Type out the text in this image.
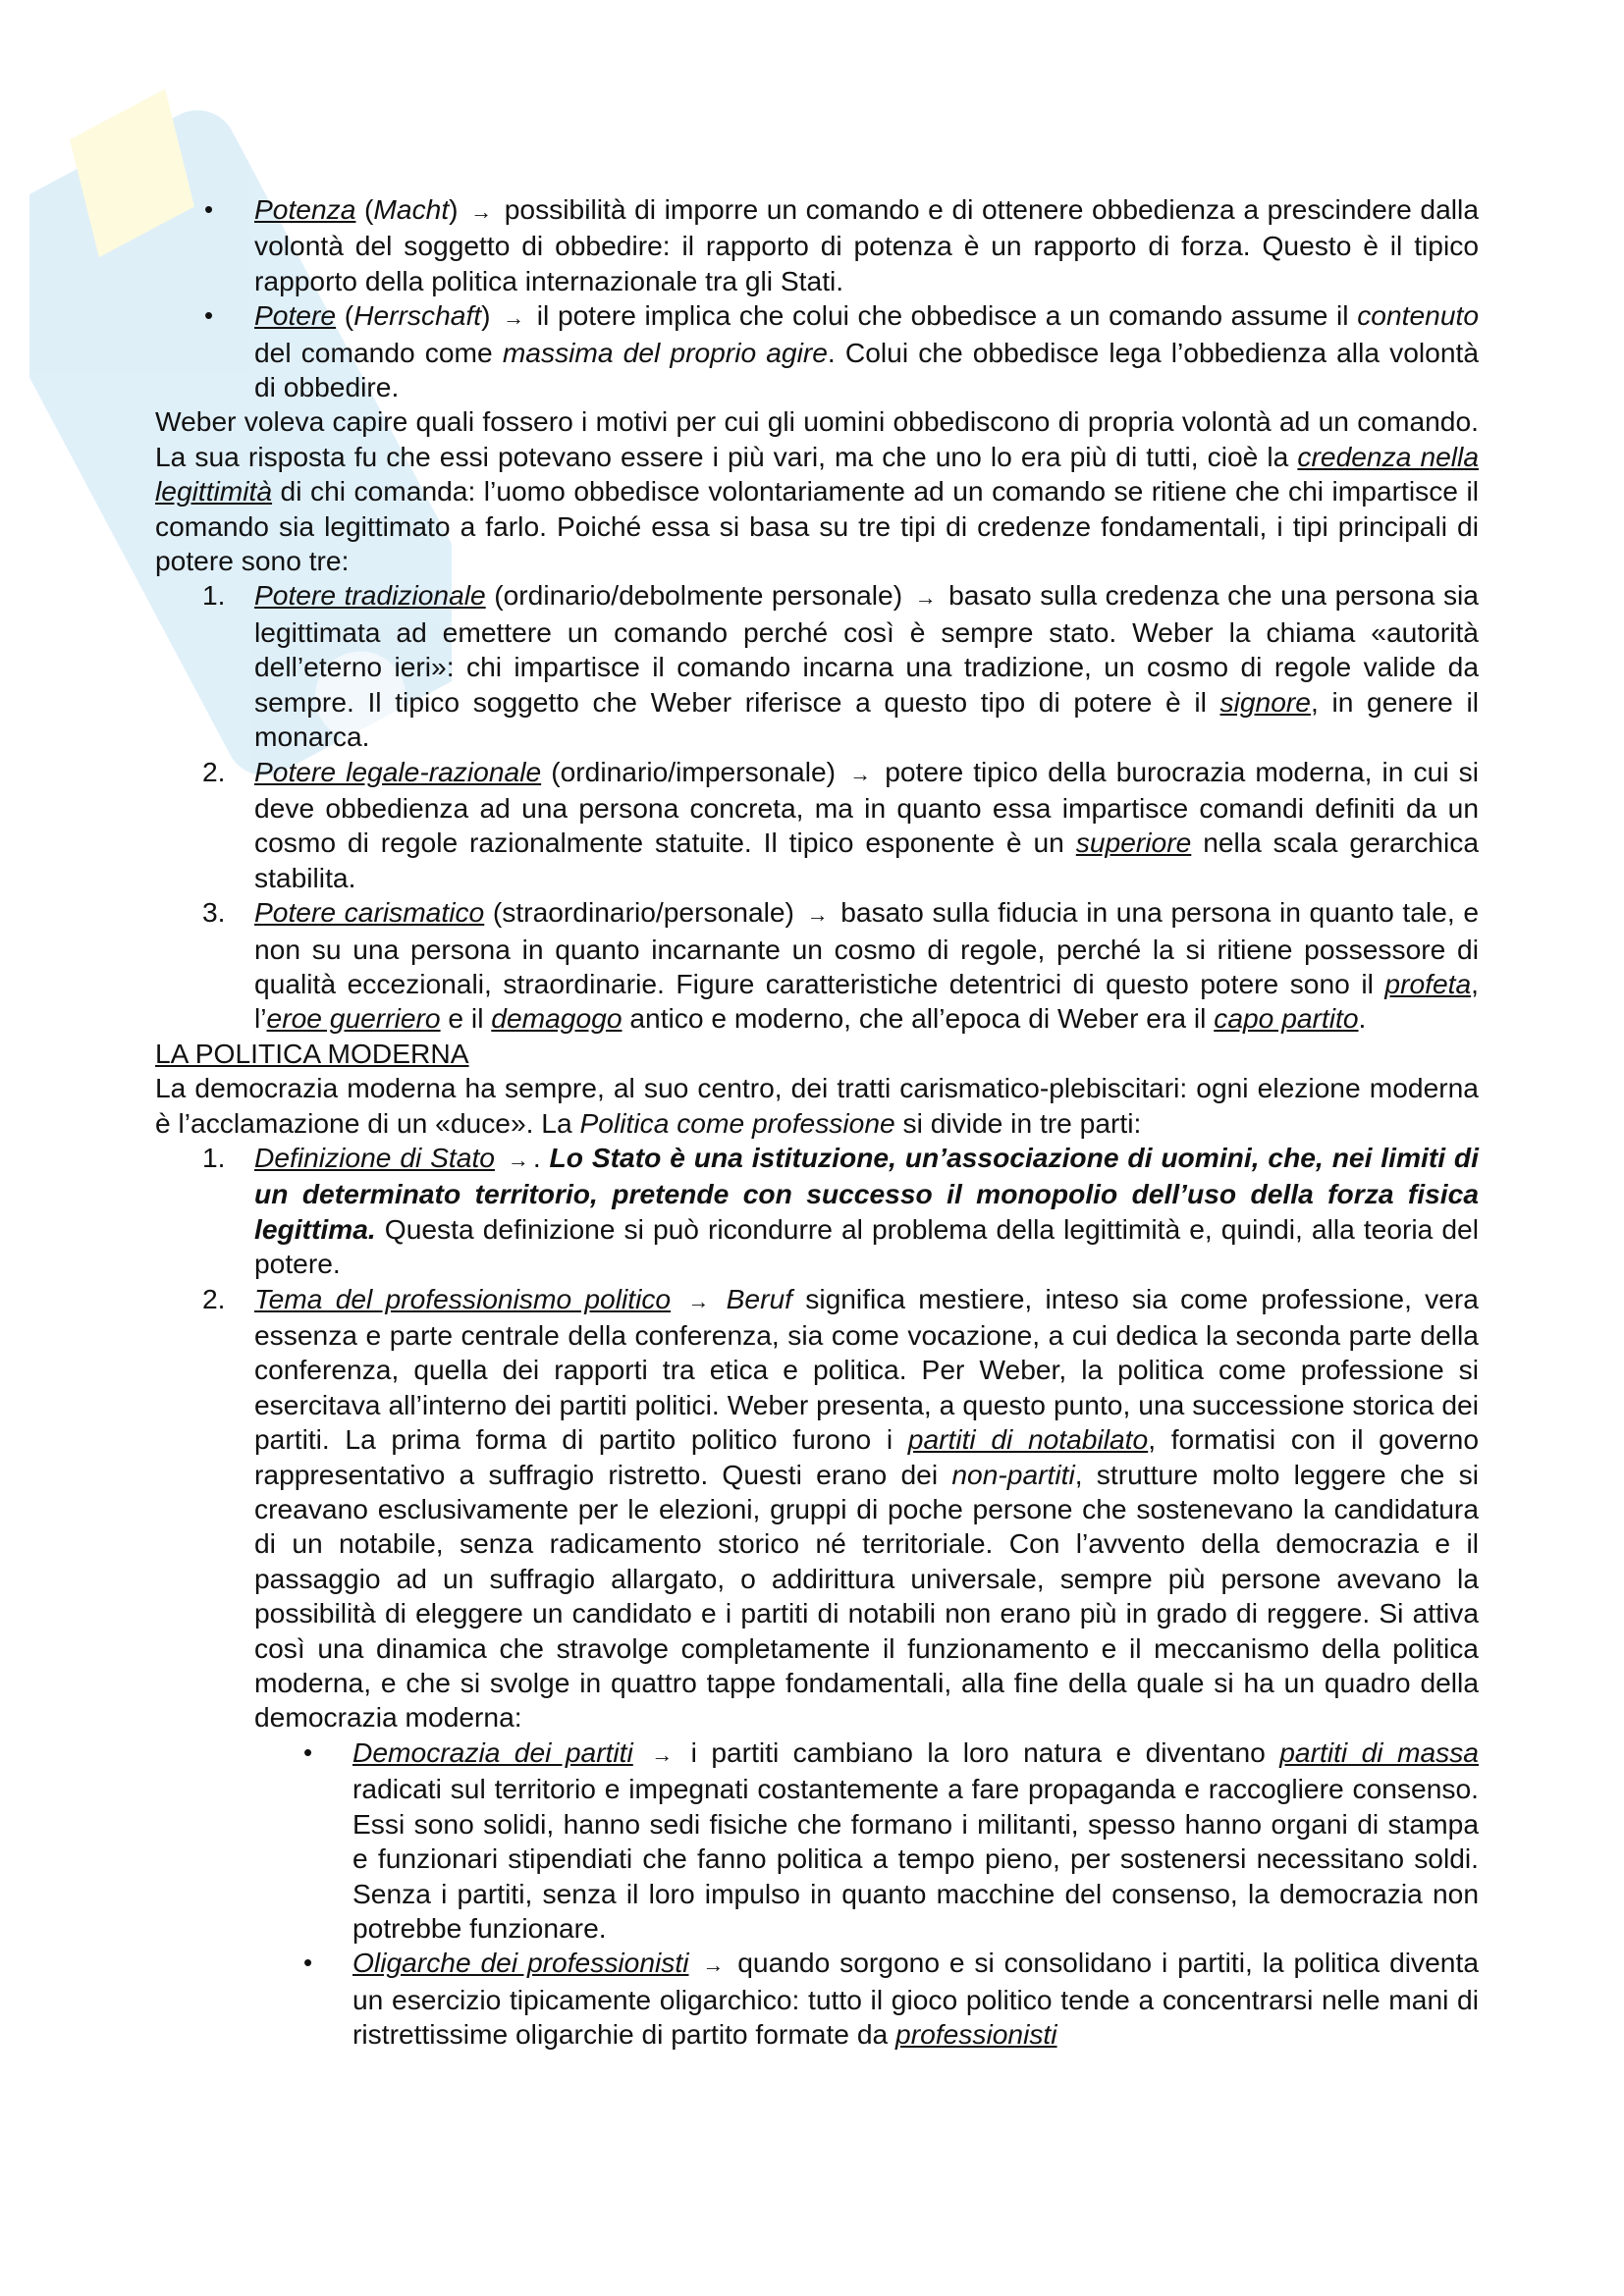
• Potenza (Macht) → possibilità di imporre un comando e di ottenere obbedienza a prescindere dalla volontà del soggetto di obbedire: il rapporto di potenza è un rapporto di forza. Questo è il tipico rapporto della politica internazionale tra gli Stati.
• Potere (Herrschaft) → il potere implica che colui che obbedisce a un comando assume il contenuto del comando come massima del proprio agire. Colui che obbedisce lega l’obbedienza alla volontà di obbedire.

Weber voleva capire quali fossero i motivi per cui gli uomini obbediscono di propria volontà ad un comando. La sua risposta fu che essi potevano essere i più vari, ma che uno lo era più di tutti, cioè la credenza nella legittimità di chi comanda: l’uomo obbedisce volontariamente ad un comando se ritiene che chi impartisce il comando sia legittimato a farlo. Poiché essa si basa su tre tipi di credenze fondamentali, i tipi principali di potere sono tre:

1. Potere tradizionale (ordinario/debolmente personale) → basato sulla credenza che una persona sia legittimata ad emettere un comando perché così è sempre stato. Weber la chiama «autorità dell’eterno ieri»: chi impartisce il comando incarna una tradizione, un cosmo di regole valide da sempre. Il tipico soggetto che Weber riferisce a questo tipo di potere è il signore, in genere il monarca.
2. Potere legale-razionale (ordinario/impersonale) → potere tipico della burocrazia moderna, in cui si deve obbedienza ad una persona concreta, ma in quanto essa impartisce comandi definiti da un cosmo di regole razionalmente statuite. Il tipico esponente è un superiore nella scala gerarchica stabilita.
3. Potere carismatico (straordinario/personale) → basato sulla fiducia in una persona in quanto tale, e non su una persona in quanto incarnante un cosmo di regole, perché la si ritiene possessore di qualità eccezionali, straordinarie. Figure caratteristiche detentrici di questo potere sono il profeta, l’eroe guerriero e il demagogo antico e moderno, che all’epoca di Weber era il capo partito.

LA POLITICA MODERNA

La democrazia moderna ha sempre, al suo centro, dei tratti carismatico-plebiscitari: ogni elezione moderna è l’acclamazione di un «duce». La Politica come professione si divide in tre parti:

1. Definizione di Stato → . Lo Stato è una istituzione, un’associazione di uomini, che, nei limiti di un determinato territorio, pretende con successo il monopolio dell’uso della forza fisica legittima. Questa definizione si può ricondurre al problema della legittimità e, quindi, alla teoria del potere.
2. Tema del professionismo politico → Beruf significa mestiere, inteso sia come professione, vera essenza e parte centrale della conferenza, sia come vocazione, a cui dedica la seconda parte della conferenza, quella dei rapporti tra etica e politica. Per Weber, la politica come professione si esercitava all’interno dei partiti politici. Weber presenta, a questo punto, una successione storica dei partiti. La prima forma di partito politico furono i partiti di notabilato, formatisi con il governo rappresentativo a suffragio ristretto. Questi erano dei non-partiti, strutture molto leggere che si creavano esclusivamente per le elezioni, gruppi di poche persone che sostenevano la candidatura di un notabile, senza radicamento storico né territoriale. Con l’avvento della democrazia e il passaggio ad un suffragio allargato, o addirittura universale, sempre più persone avevano la possibilità di eleggere un candidato e i partiti di notabili non erano più in grado di reggere. Si attiva così una dinamica che stravolge completamente il funzionamento e il meccanismo della politica moderna, e che si svolge in quattro tappe fondamentali, alla fine della quale si ha un quadro della democrazia moderna:
• Democrazia dei partiti → i partiti cambiano la loro natura e diventano partiti di massa radicati sul territorio e impegnati costantemente a fare propaganda e raccogliere consenso. Essi sono solidi, hanno sedi fisiche che formano i militanti, spesso hanno organi di stampa e funzionari stipendiati che fanno politica a tempo pieno, per sostenersi necessitano soldi. Senza i partiti, senza il loro impulso in quanto macchine del consenso, la democrazia non potrebbe funzionare.
• Oligarche dei professionisti → quando sorgono e si consolidano i partiti, la politica diventa un esercizio tipicamente oligarchico: tutto il gioco politico tende a concentrarsi nelle mani di ristrettissime oligarchie di partito formate da professionisti
